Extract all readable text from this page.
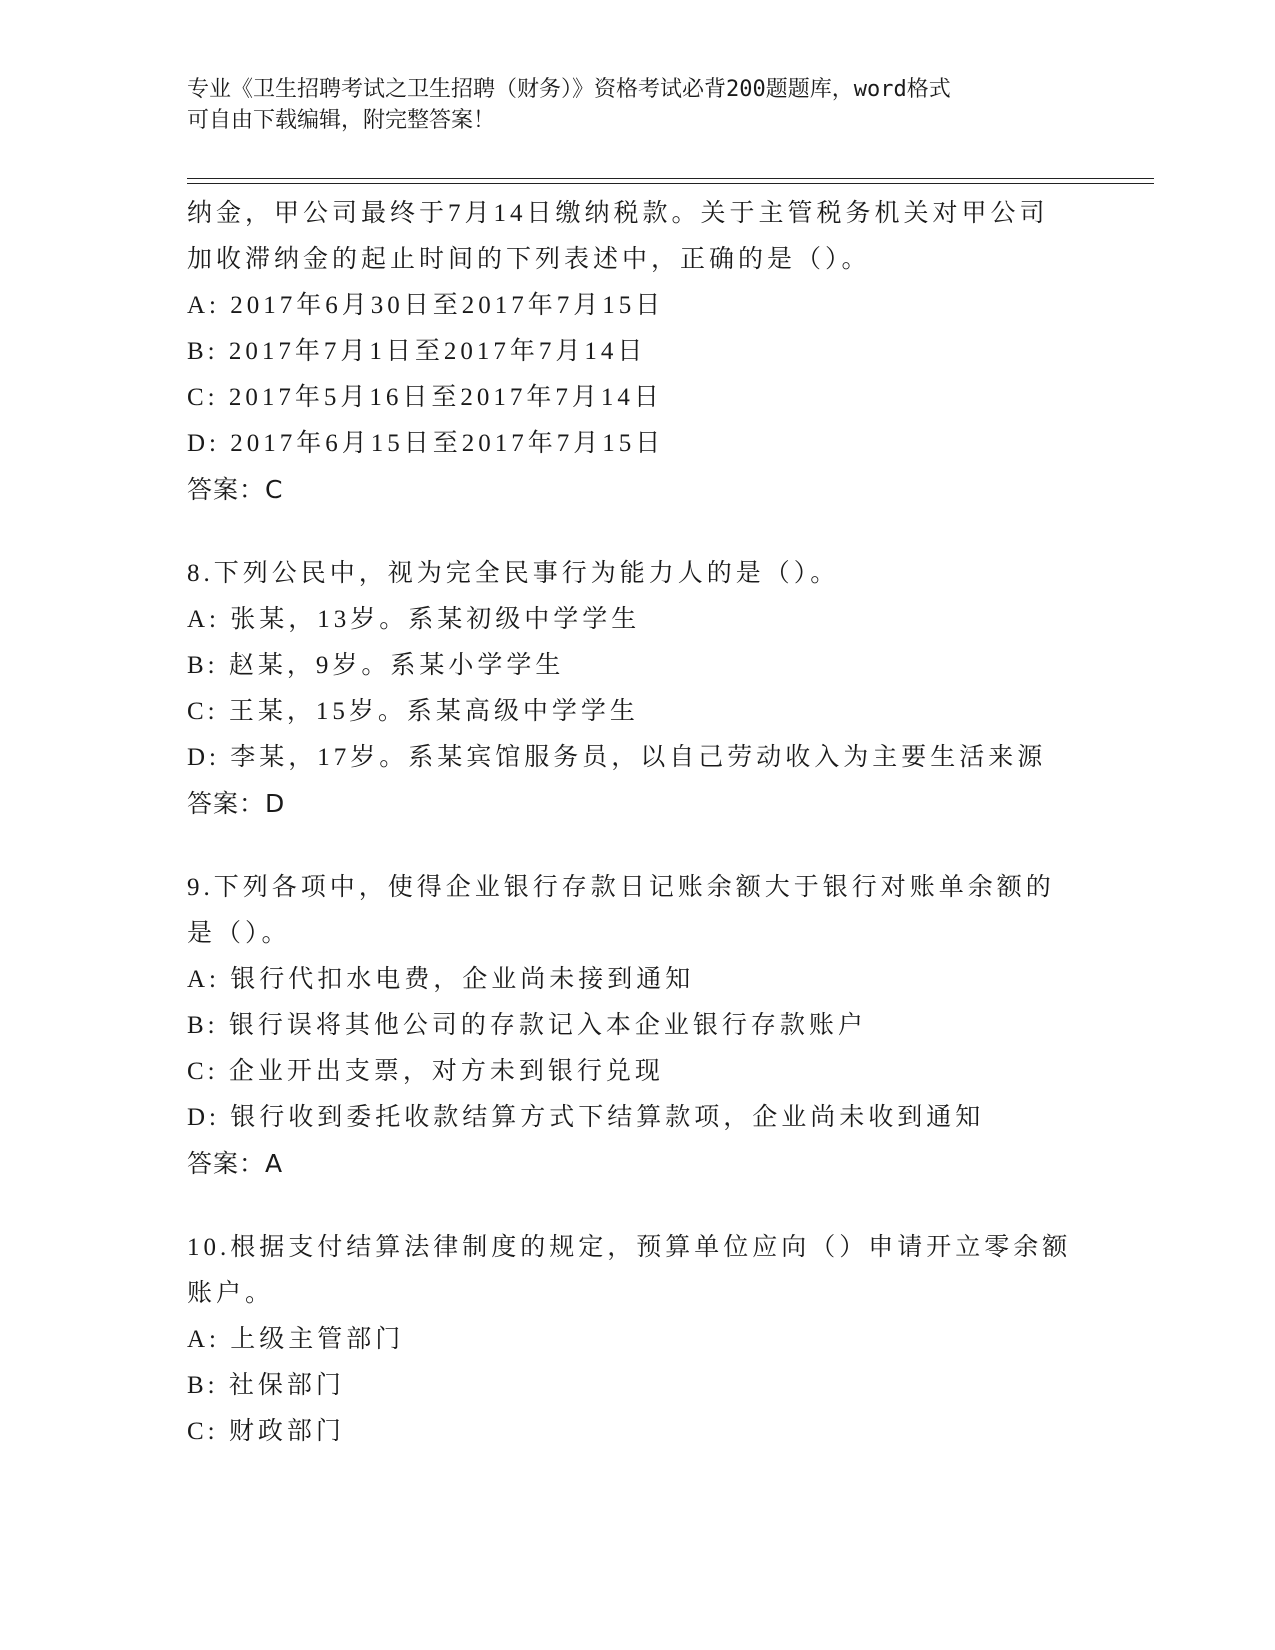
专业《卫生招聘考试之卫生招聘（财务）》资格考试必背200题题库，word格式
可自由下载编辑，附完整答案！
纳金，甲公司最终于7月14日缴纳税款。关于主管税务机关对甲公司
加收滞纳金的起止时间的下列表述中，正确的是（）。
A: 2017年6月30日至2017年7月15日
B: 2017年7月1日至2017年7月14日
C: 2017年5月16日至2017年7月14日
D: 2017年6月15日至2017年7月15日
答案：C
8.下列公民中，视为完全民事行为能力人的是（）。
A: 张某，13岁。系某初级中学学生
B: 赵某，9岁。系某小学学生
C: 王某，15岁。系某高级中学学生
D: 李某，17岁。系某宾馆服务员，以自己劳动收入为主要生活来源
答案：D
9.下列各项中，使得企业银行存款日记账余额大于银行对账单余额的
是（）。
A: 银行代扣水电费，企业尚未接到通知
B: 银行误将其他公司的存款记入本企业银行存款账户
C: 企业开出支票，对方未到银行兑现
D: 银行收到委托收款结算方式下结算款项，企业尚未收到通知
答案：A
10.根据支付结算法律制度的规定，预算单位应向（）申请开立零余额
账户。
A: 上级主管部门
B: 社保部门
C: 财政部门
